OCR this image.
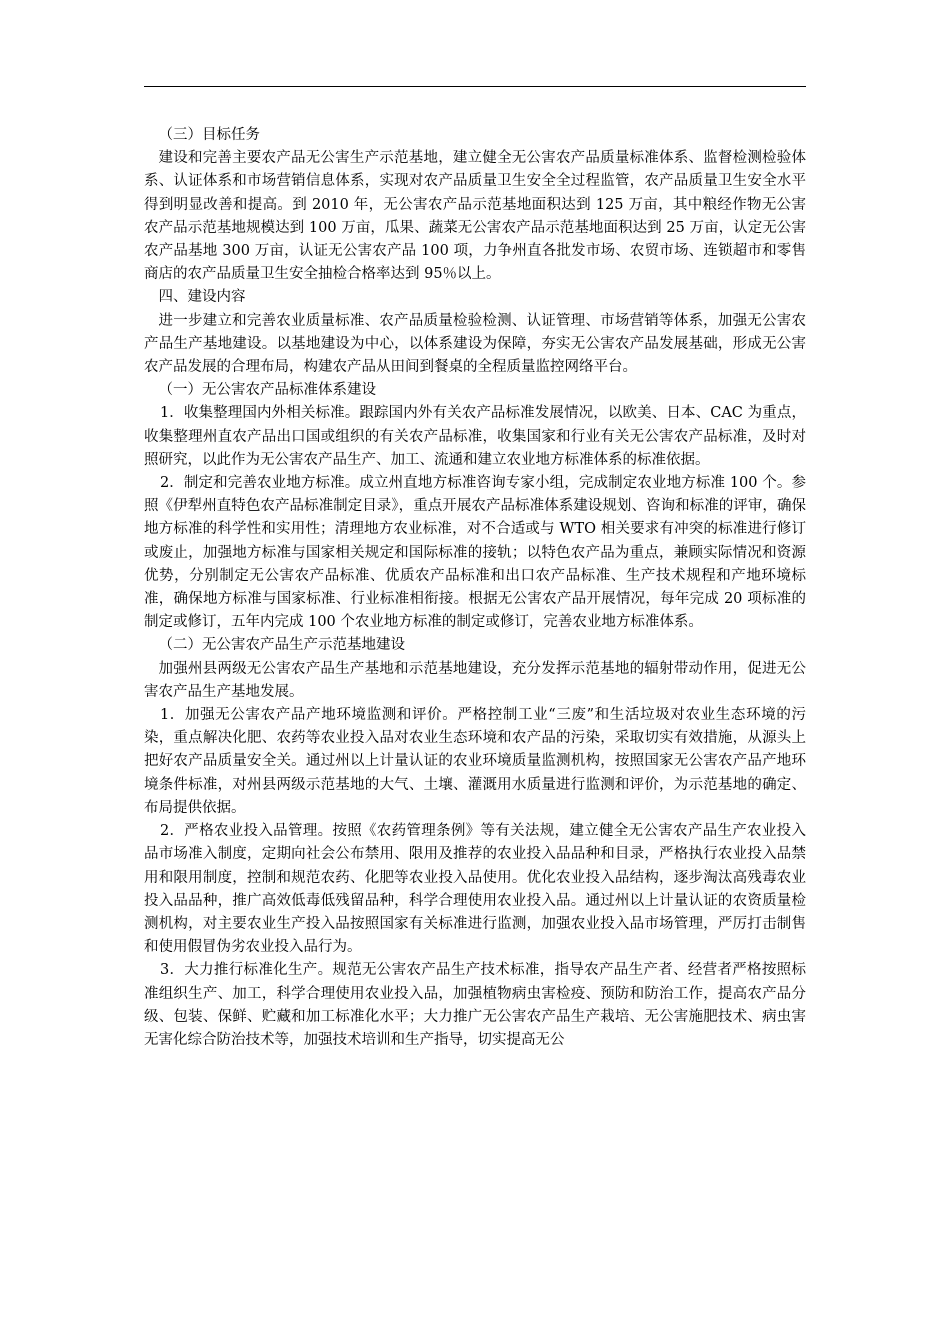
（三）目标任务

建设和完善主要农产品无公害生产示范基地，建立健全无公害农产品质量标准体系、监督检测检验体系、认证体系和市场营销信息体系，实现对农产品质量卫生安全全过程监管，农产品质量卫生安全水平得到明显改善和提高。到 2010 年，无公害农产品示范基地面积达到 125 万亩，其中粮经作物无公害农产品示范基地规模达到 100 万亩，瓜果、蔬菜无公害农产品示范基地面积达到 25 万亩，认定无公害农产品基地 300 万亩，认证无公害农产品 100 项，力争州直各批发市场、农贸市场、连锁超市和零售商店的农产品质量卫生安全抽检合格率达到 95％以上。

四、建设内容

进一步建立和完善农业质量标准、农产品质量检验检测、认证管理、市场营销等体系，加强无公害农产品生产基地建设。以基地建设为中心，以体系建设为保障，夯实无公害农产品发展基础，形成无公害农产品发展的合理布局，构建农产品从田间到餐桌的全程质量监控网络平台。

（一）无公害农产品标准体系建设

1．收集整理国内外相关标准。跟踪国内外有关农产品标准发展情况，以欧美、日本、CAC 为重点，收集整理州直农产品出口国或组织的有关农产品标准，收集国家和行业有关无公害农产品标准，及时对照研究，以此作为无公害农产品生产、加工、流通和建立农业地方标准体系的标准依据。

2．制定和完善农业地方标准。成立州直地方标准咨询专家小组，完成制定农业地方标准 100 个。参照《伊犁州直特色农产品标准制定目录》，重点开展农产品标准体系建设规划、咨询和标准的评审，确保地方标准的科学性和实用性；清理地方农业标准，对不合适或与 WTO 相关要求有冲突的标准进行修订或废止，加强地方标准与国家相关规定和国际标准的接轨；以特色农产品为重点，兼顾实际情况和资源优势，分别制定无公害农产品标准、优质农产品标准和出口农产品标准、生产技术规程和产地环境标准，确保地方标准与国家标准、行业标准相衔接。根据无公害农产品开展情况，每年完成 20 项标准的制定或修订，五年内完成 100 个农业地方标准的制定或修订，完善农业地方标准体系。

（二）无公害农产品生产示范基地建设

加强州县两级无公害农产品生产基地和示范基地建设，充分发挥示范基地的辐射带动作用，促进无公害农产品生产基地发展。

1．加强无公害农产品产地环境监测和评价。严格控制工业“三废”和生活垃圾对农业生态环境的污染，重点解决化肥、农药等农业投入品对农业生态环境和农产品的污染，采取切实有效措施，从源头上把好农产品质量安全关。通过州以上计量认证的农业环境质量监测机构，按照国家无公害农产品产地环境条件标准，对州县两级示范基地的大气、土壤、灌溉用水质量进行监测和评价，为示范基地的确定、布局提供依据。

2．严格农业投入品管理。按照《农药管理条例》等有关法规，建立健全无公害农产品生产农业投入品市场准入制度，定期向社会公布禁用、限用及推荐的农业投入品品种和目录，严格执行农业投入品禁用和限用制度，控制和规范农药、化肥等农业投入品使用。优化农业投入品结构，逐步淘汰高残毒农业投入品品种，推广高效低毒低残留品种，科学合理使用农业投入品。通过州以上计量认证的农资质量检测机构，对主要农业生产投入品按照国家有关标准进行监测，加强农业投入品市场管理，严厉打击制售和使用假冒伪劣农业投入品行为。

3．大力推行标准化生产。规范无公害农产品生产技术标准，指导农产品生产者、经营者严格按照标准组织生产、加工，科学合理使用农业投入品，加强植物病虫害检疫、预防和防治工作，提高农产品分级、包装、保鲜、贮藏和加工标准化水平；大力推广无公害农产品生产栽培、无公害施肥技术、病虫害无害化综合防治技术等，加强技术培训和生产指导，切实提高无公
